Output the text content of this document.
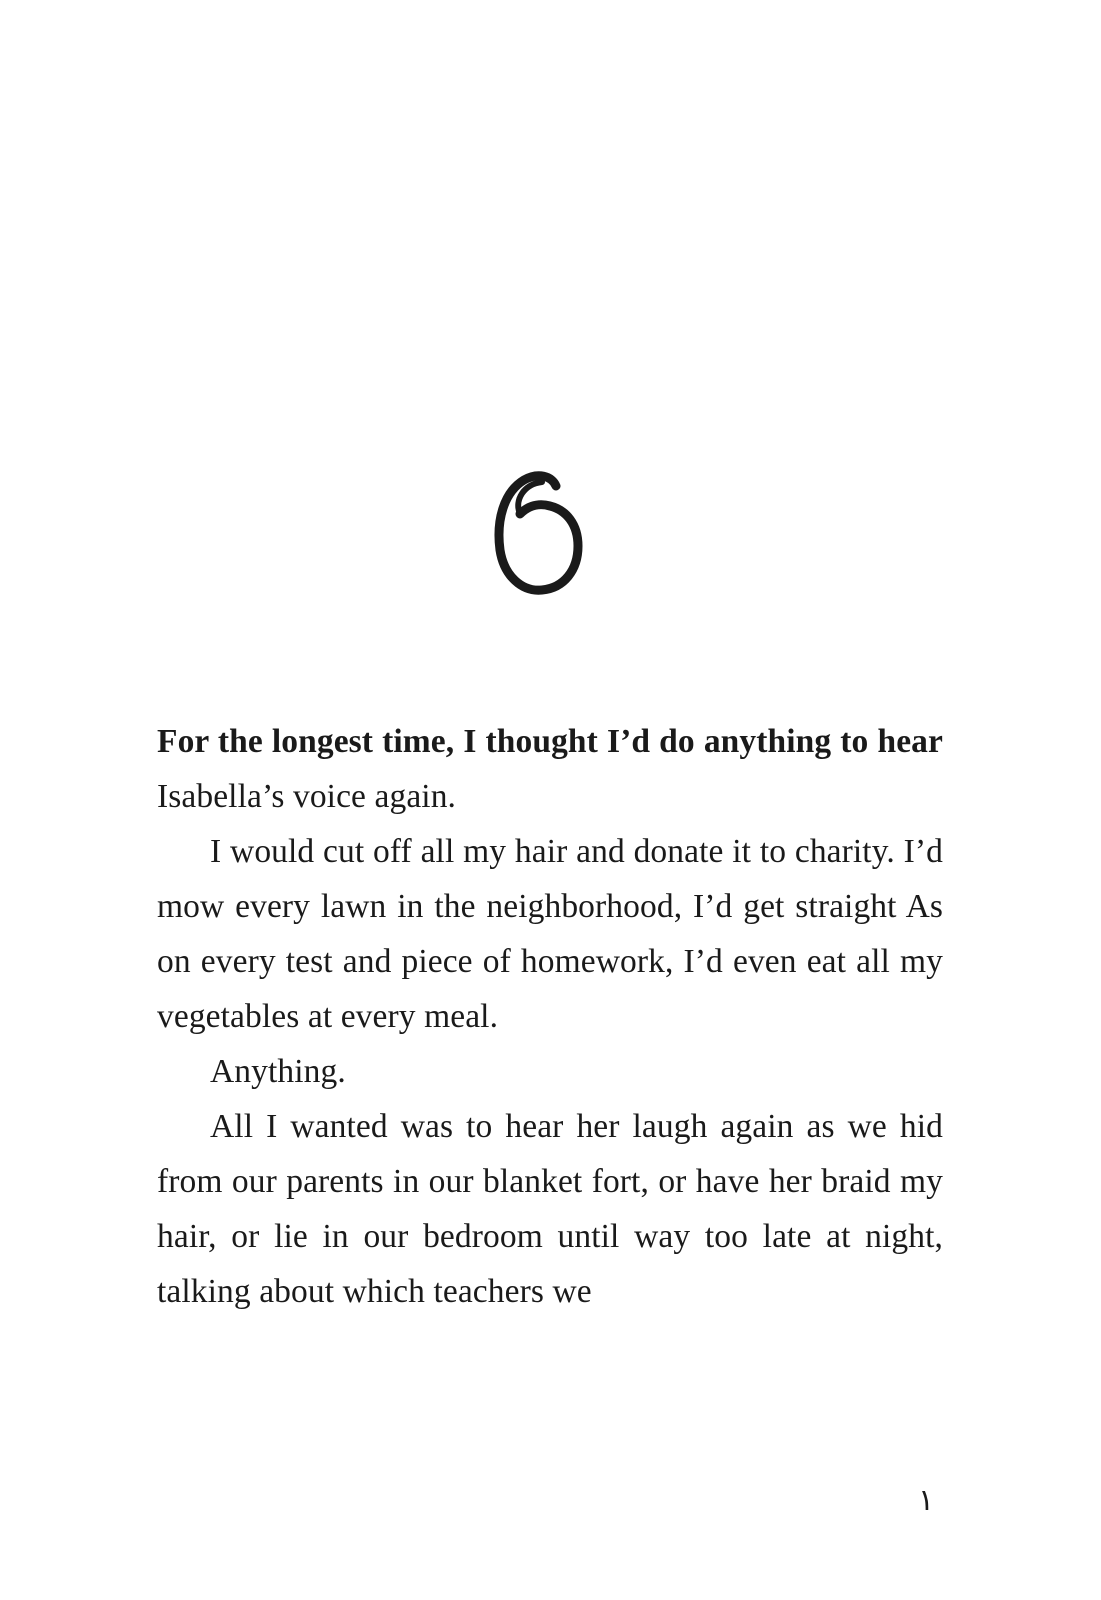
For the longest time, I thought I’d do anything to hear Isabella’s voice again.

I would cut off all my hair and donate it to charity. I’d mow every lawn in the neighborhood, I’d get straight As on every test and piece of homework, I’d even eat all my vegetables at every meal.

Anything.

All I wanted was to hear her laugh again as we hid from our parents in our blanket fort, or have her braid my hair, or lie in our bedroom until way too late at night, talking about which teachers we

١
